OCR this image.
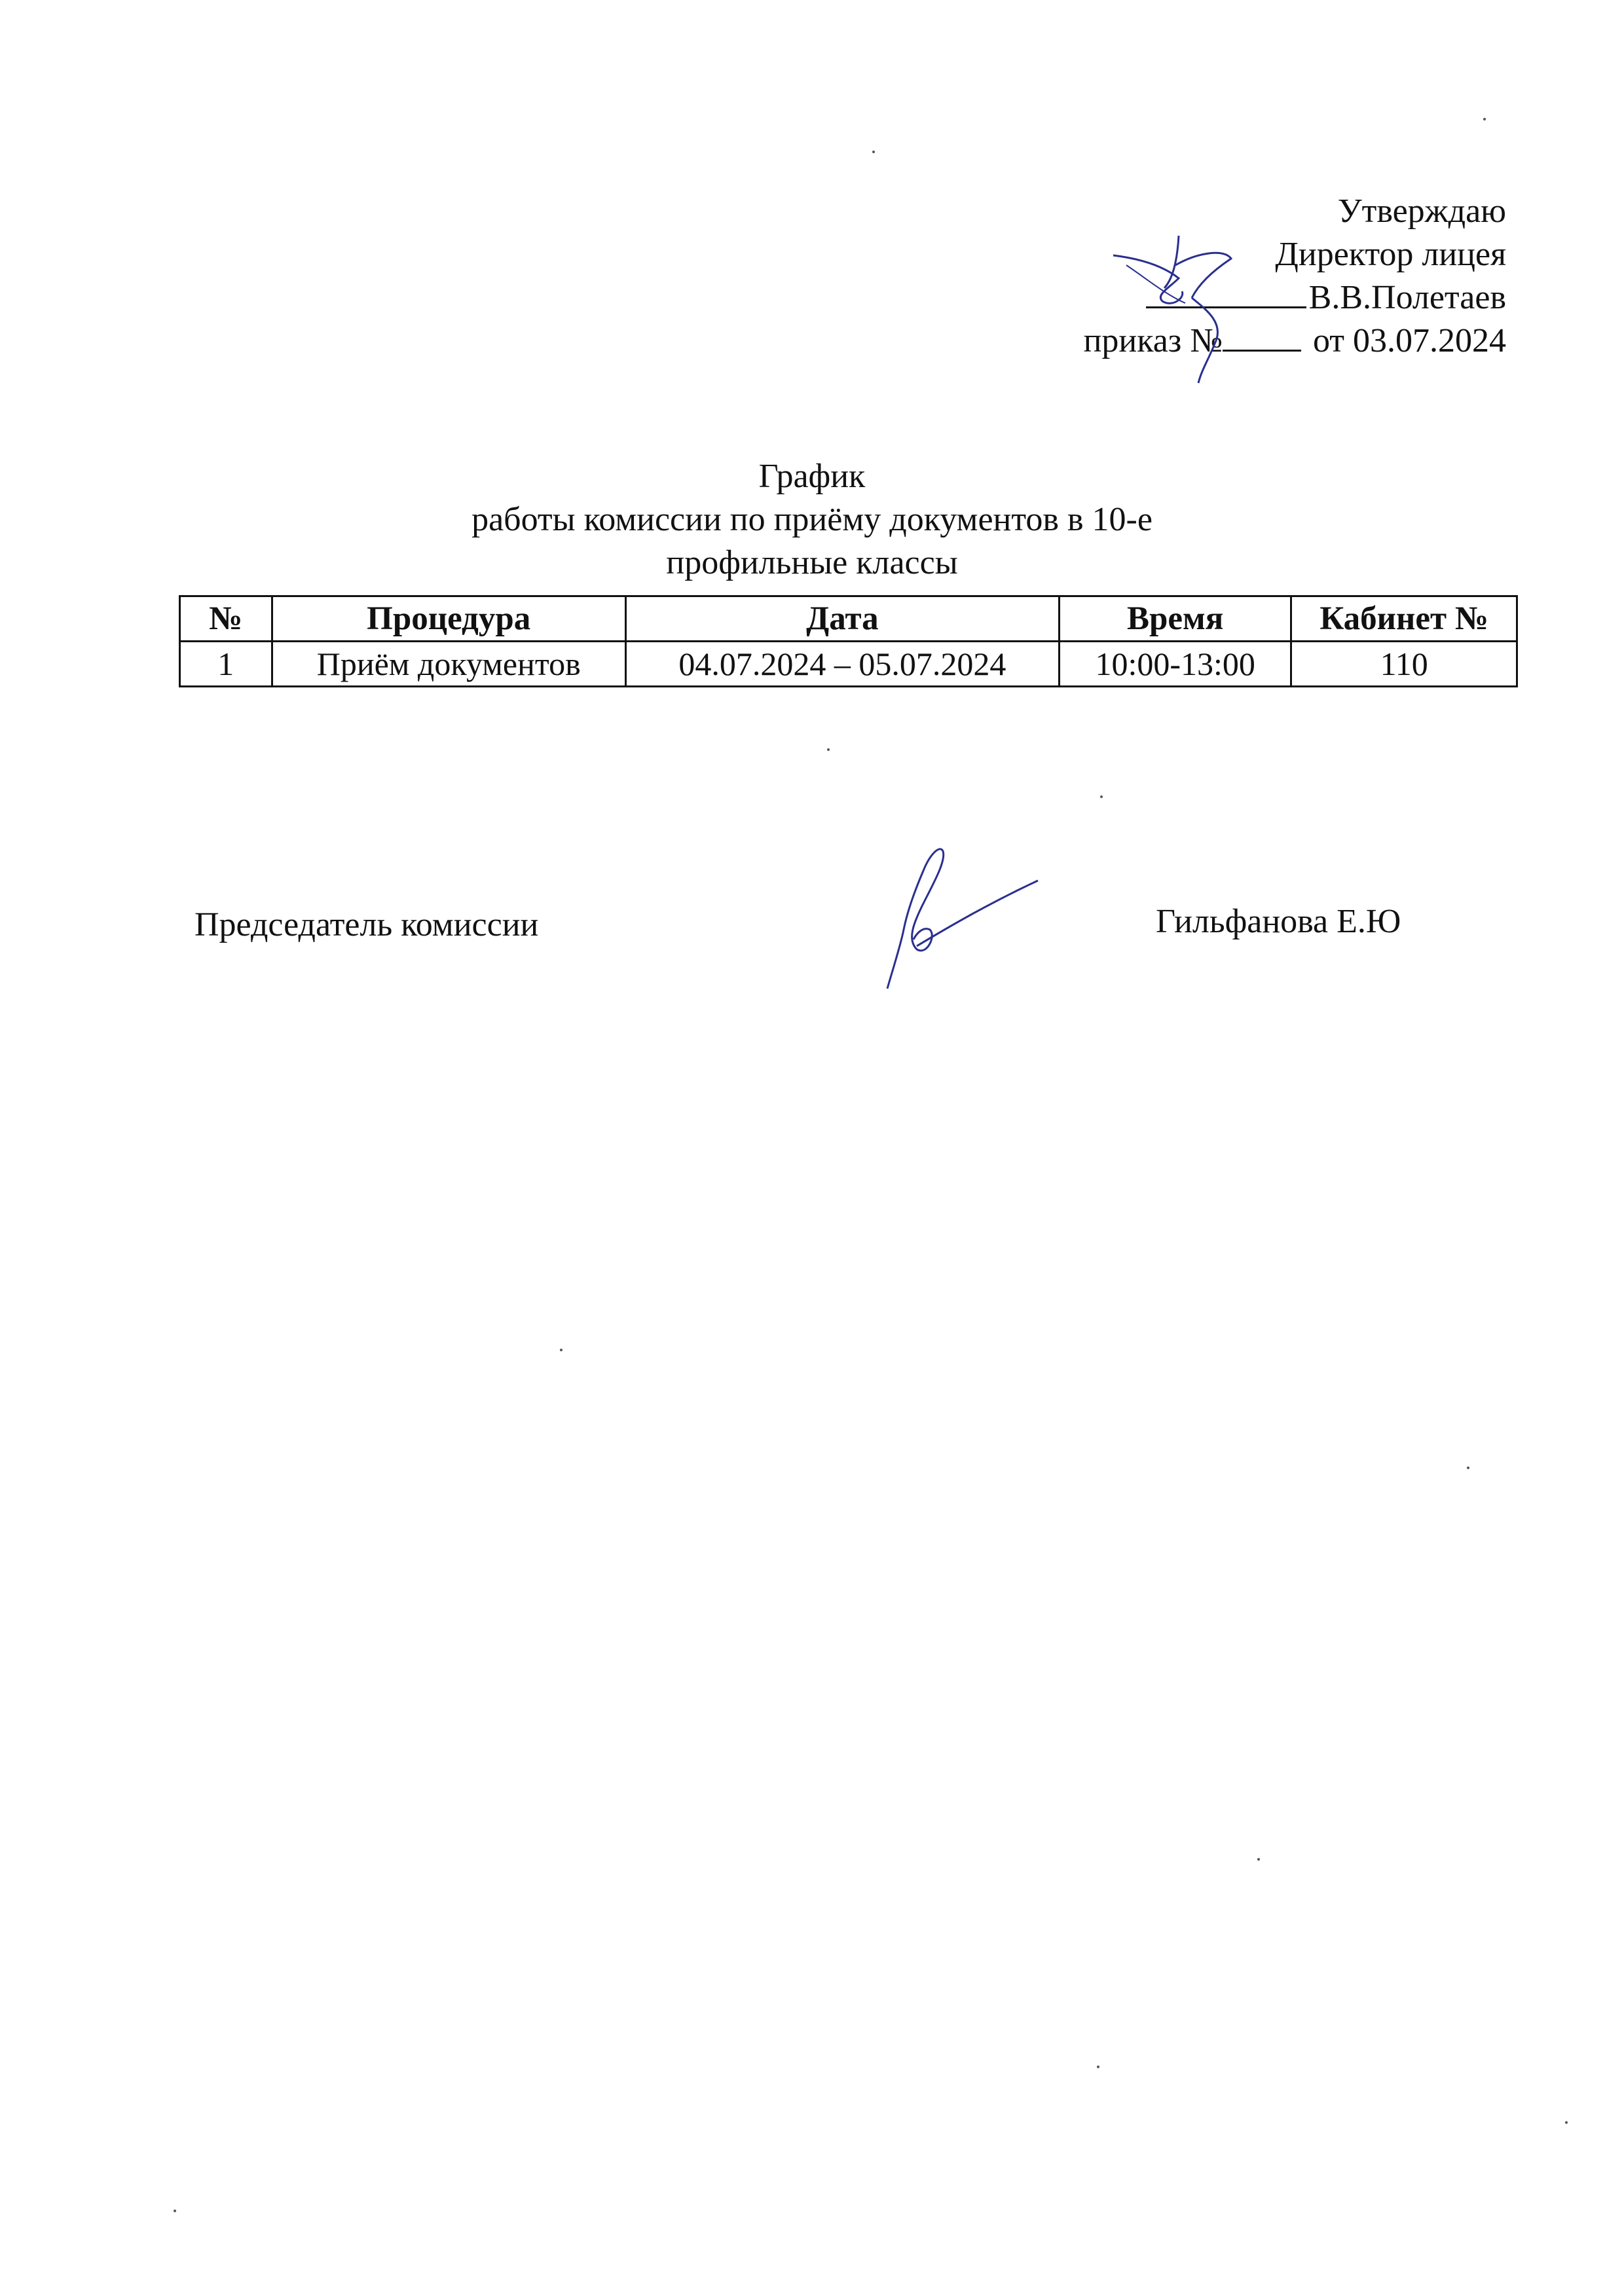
Утверждаю
Директор лицея
В.В.Полетаев
приказ №	от 03.07.2024
График
работы комиссии по приёму документов в 10-е
профильные классы
№	Процедура	Дата	Время	Кабинет №
1	Приём документов	04.07.2024 – 05.07.2024	10:00-13:00	110
Председатель комиссии	Гильфанова Е.Ю
